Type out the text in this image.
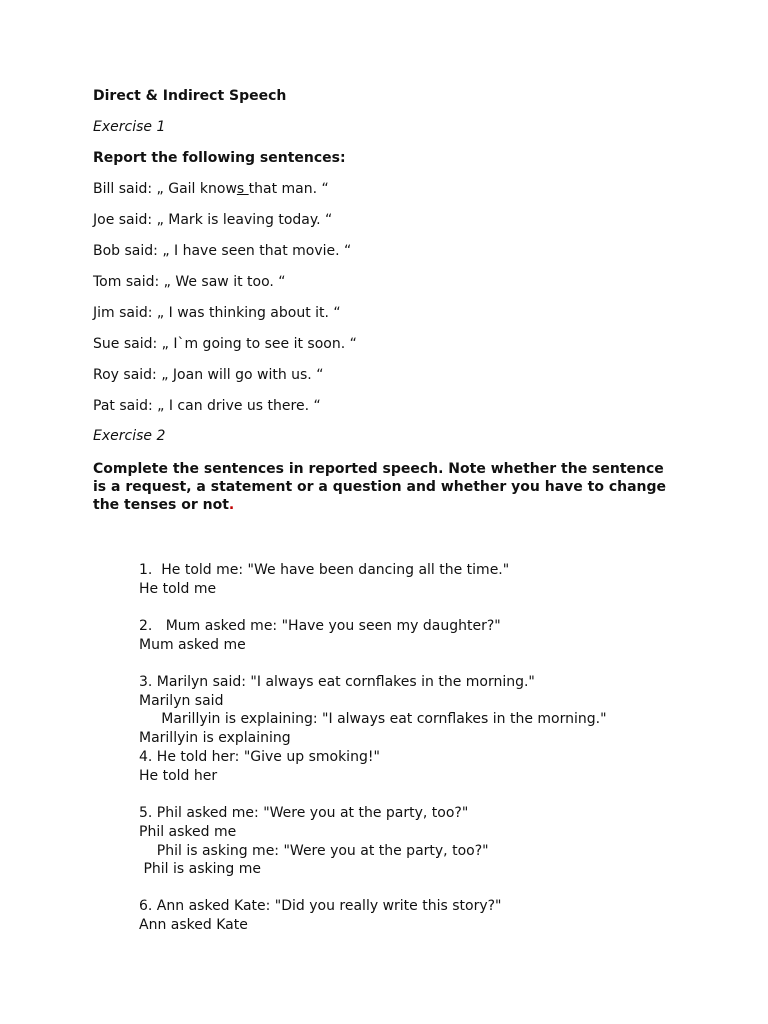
Direct & Indirect Speech
Exercise 1
Report the following sentences:
Bill said: „ Gail knows that man. “
Joe said: „ Mark is leaving today. “
Bob said: „ I have seen that movie. “
Tom said: „ We saw it too. “
Jim said: „ I was thinking about it. “
Sue said: „ I`m going to see it soon. “
Roy said: „ Joan will go with us. “
Pat said: „ I can drive us there. “
Exercise 2
Complete the sentences in reported speech. Note whether the sentence
is a request, a statement or a question and whether you have to change
the tenses or not.
1.  He told me: "We have been dancing all the time."
He told me
2.   Mum asked me: "Have you seen my daughter?"
Mum asked me
3. Marilyn said: "I always eat cornflakes in the morning."
Marilyn said
Marillyin is explaining: "I always eat cornflakes in the morning."
Marillyin is explaining
4. He told her: "Give up smoking!"
He told her
5. Phil asked me: "Were you at the party, too?"
Phil asked me
Phil is asking me: "Were you at the party, too?"
Phil is asking me
6. Ann asked Kate: "Did you really write this story?"
Ann asked Kate
